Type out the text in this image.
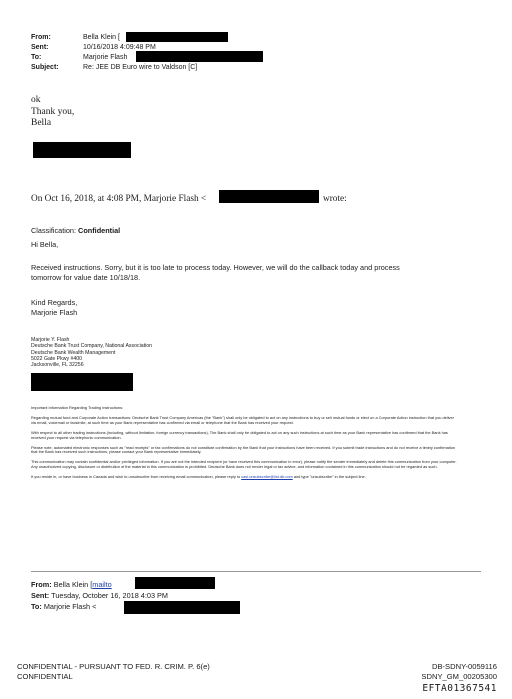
From:	Bella Klein [
Sent:	10/16/2018 4:09:48 PM
To:	Marjorie Flash
Subject:	Re: JEE DB Euro wire to Valdson [C]
ok
Thank you,
Bella
On Oct 16, 2018, at 4:08 PM, Marjorie Flash <	wrote:
Classification: Confidential
Hi Bella,
Received instructions. Sorry, but it is too late to process today. However, we will do the callback today and process
tomorrow for value date 10/18/18.
Kind Regards,
Marjorie Flash
Marjorie Y. Flash
Deutsche Bank Trust Company, National Association
Deutsche Bank Wealth Management
5022 Gate Pkwy #400
Jacksonville, FL 32256
Important Information Regarding Trading Instructions:
Regarding mutual fund and Corporate Action transactions: Deutsche Bank Trust Company Americas (the "Bank") shall only be obligated to act on any instructions to buy or sell mutual funds or elect on a Corporate Action instruction that you deliver via email, voicemail or facsimile, at such time as your Bank representative has confirmed via email or telephone that the Bank has received your request.
With respect to all other trading instructions (including, without limitation, foreign currency transactions), The Bank shall only be obligated to act on any such instructions at such time as your Bank representative has confirmed that the Bank has received your request via telephonic communication.
Please note, automated electronic responses such as "read receipts" or fax confirmations do not constitute confirmation by the Bank that your instructions have been received. If you submit trade instructions and do not receive a timely confirmation that the Bank has received such instructions, please contact your Bank representative immediately.
This communication may contain confidential and/or privileged information. If you are not the intended recipient (or have received this communication in error), please notify the sender immediately and delete this communication from your computer. Any unauthorized copying, disclosure or distribution of the material in this communication is prohibited. Deutsche Bank does not render legal or tax advice, and information contained in this communication should not be regarded as such.
If you reside in, or have business in Canada and wish to unsubscribe from receiving email communication, please reply to casl.unsubscribe@list.db.com and type "unsubscribe" in the subject line.
From: Bella Klein [mailto
Sent: Tuesday, October 16, 2018 4:03 PM
To: Marjorie Flash <
CONFIDENTIAL - PURSUANT TO FED. R. CRIM. P. 6(e)
CONFIDENTIAL
DB-SDNY-0059116
SDNY_GM_00205300
EFTA01367541
